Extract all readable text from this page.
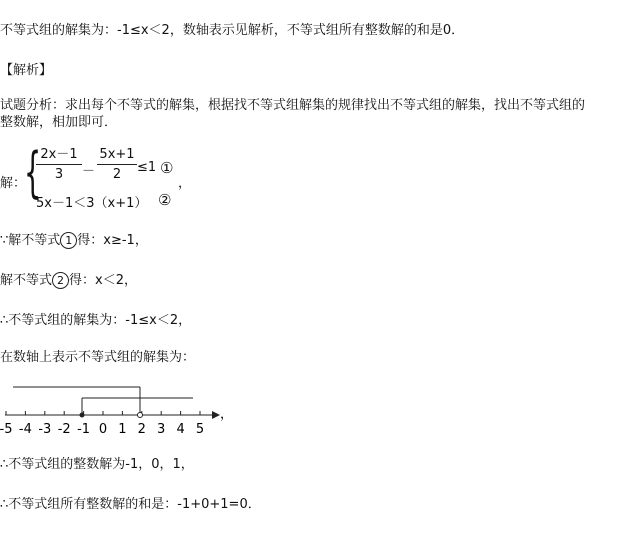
不等式组的解集为：-1≤x＜2，数轴表示见解析，不等式组所有整数解的和是0．
【解析】
试题分析：求出每个不等式的解集，根据找不等式组解集的规律找出不等式组的解集，找出不等式组的
整数解，相加即可．
解：
{ 2x－1
3	－
5x+1
2	≤1 ①
，
5x－1＜3（x+1） ②
∵解不等式 1 得：x≥-1，
解不等式 2 得：x＜2，
∴不等式组的解集为：-1≤x＜2，
在数轴上表示不等式组的解集为：
-5 -4 -3 -2 -1 0 1 2 3 4 5
，
∴不等式组的整数解为-1，0，1，
∴不等式组所有整数解的和是：-1+0+1=0．
